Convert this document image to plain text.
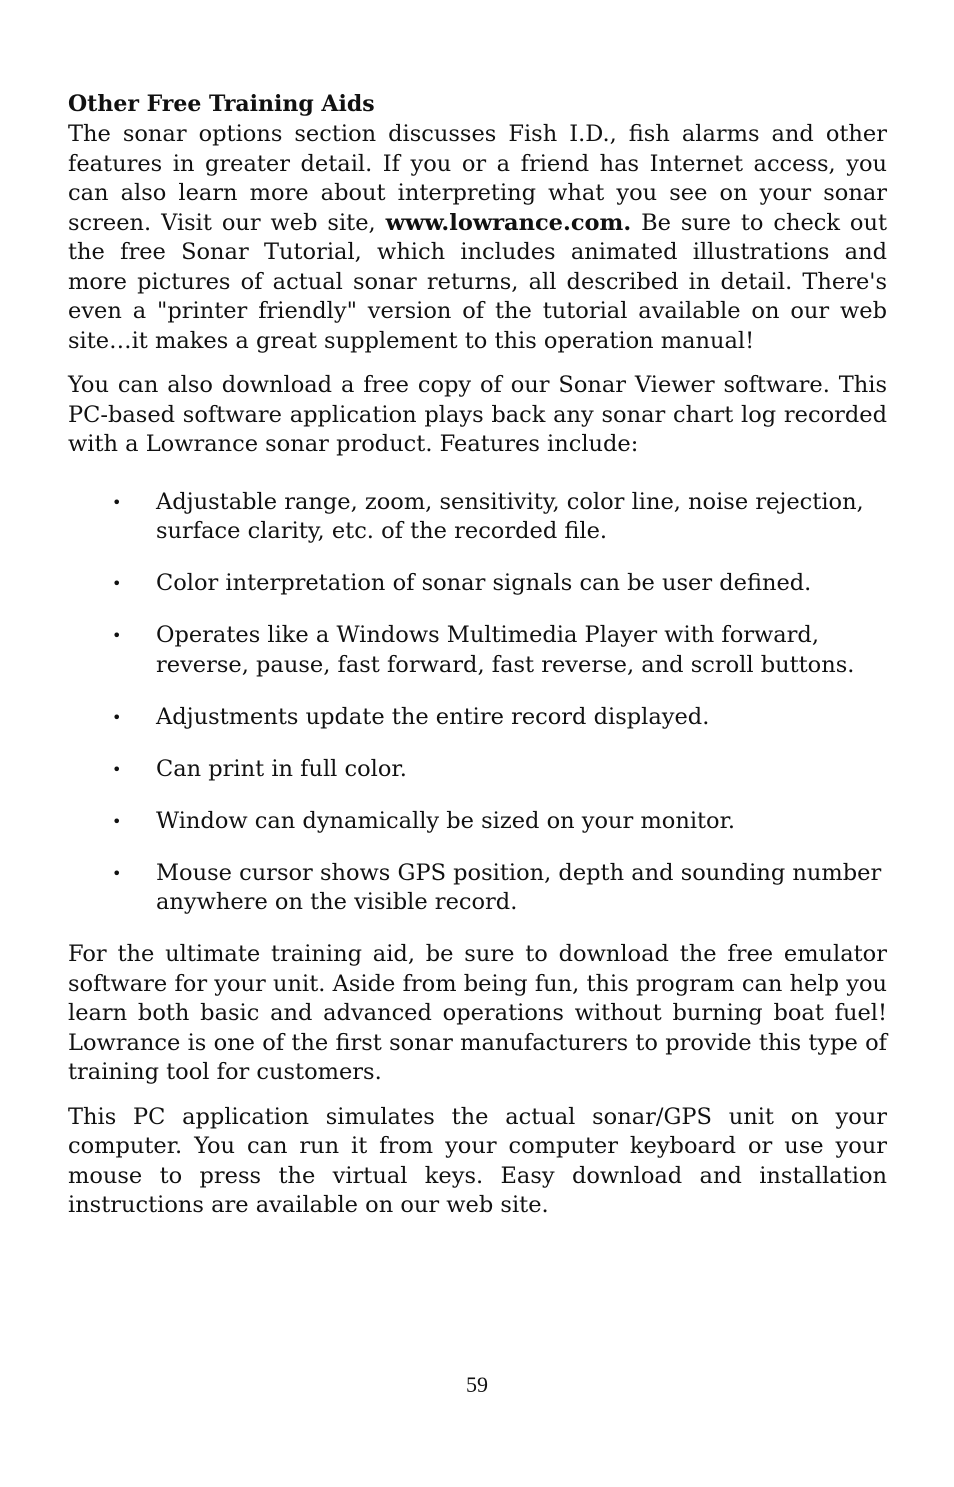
Other Free Training Aids

The sonar options section discusses Fish I.D., fish alarms and other features in greater detail. If you or a friend has Internet access, you can also learn more about interpreting what you see on your sonar screen. Visit our web site, www.lowrance.com. Be sure to check out the free Sonar Tutorial, which includes animated illustrations and more pictures of actual sonar returns, all described in detail. There's even a "printer friendly" version of the tutorial available on our web site…it makes a great supplement to this operation manual!

You can also download a free copy of our Sonar Viewer software. This PC-based software application plays back any sonar chart log recorded with a Lowrance sonar product. Features include:

• Adjustable range, zoom, sensitivity, color line, noise rejection, surface clarity, etc. of the recorded file.
• Color interpretation of sonar signals can be user defined.
• Operates like a Windows Multimedia Player with forward, reverse, pause, fast forward, fast reverse, and scroll buttons.
• Adjustments update the entire record displayed.
• Can print in full color.
• Window can dynamically be sized on your monitor.
• Mouse cursor shows GPS position, depth and sounding number anywhere on the visible record.

For the ultimate training aid, be sure to download the free emulator software for your unit. Aside from being fun, this program can help you learn both basic and advanced operations without burning boat fuel! Lowrance is one of the first sonar manufacturers to provide this type of training tool for customers.

This PC application simulates the actual sonar/GPS unit on your computer. You can run it from your computer keyboard or use your mouse to press the virtual keys. Easy download and installation instructions are available on our web site.

59
